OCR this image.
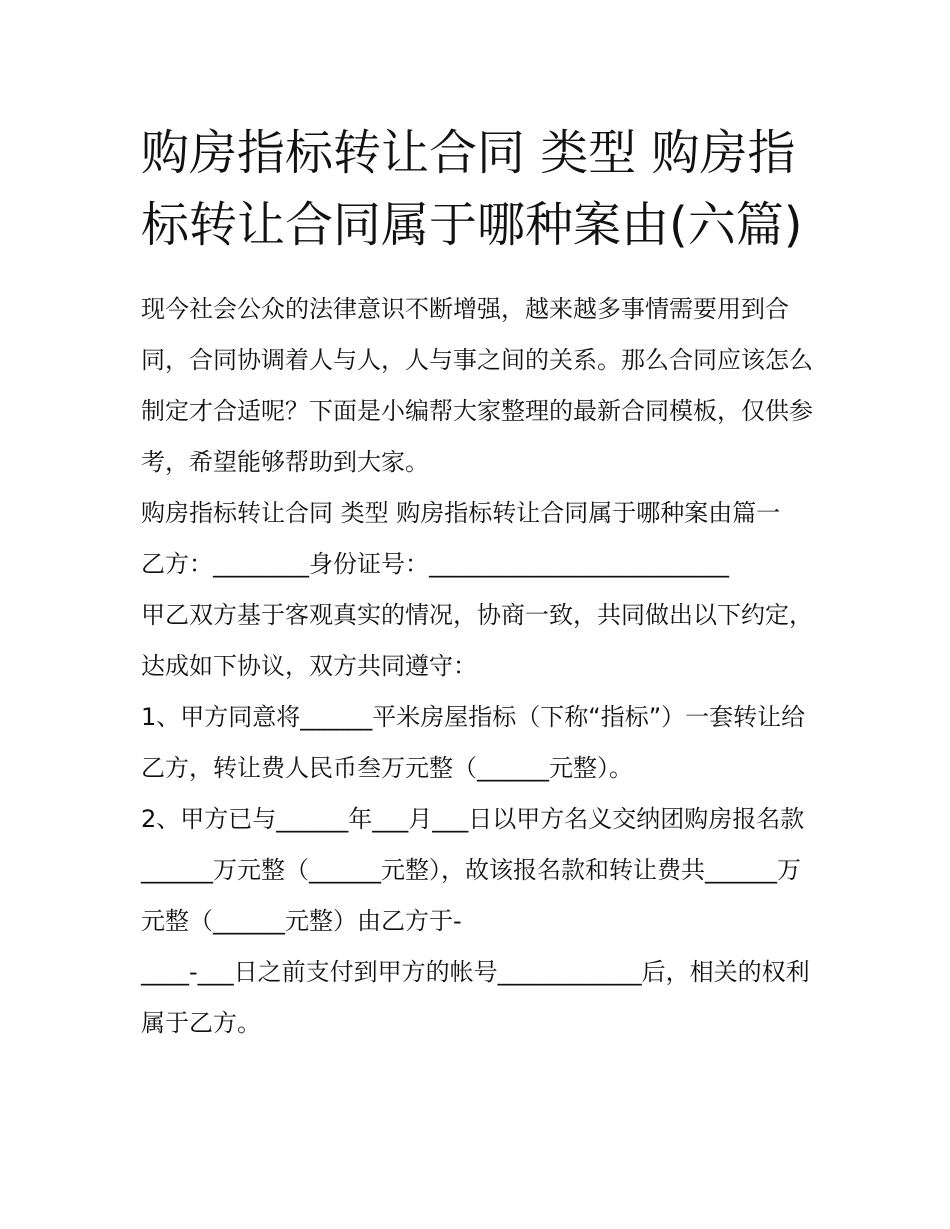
购房指标转让合同 类型 购房指标转让合同属于哪种案由(六篇)

现今社会公众的法律意识不断增强，越来越多事情需要用到合同，合同协调着人与人，人与事之间的关系。那么合同应该怎么制定才合适呢？下面是小编帮大家整理的最新合同模板，仅供参考，希望能够帮助到大家。

购房指标转让合同 类型 购房指标转让合同属于哪种案由篇一

乙方：________身份证号：_________________________

甲乙双方基于客观真实的情况，协商一致，共同做出以下约定，达成如下协议，双方共同遵守：

1、甲方同意将______平米房屋指标（下称“指标”）一套转让给乙方，转让费人民币叁万元整（______元整）。

2、甲方已与______年___月___日以甲方名义交纳团购房报名款______万元整（______元整），故该报名款和转让费共______万元整（______元整）由乙方于-

____-___日之前支付到甲方的帐号____________后，相关的权利属于乙方。
